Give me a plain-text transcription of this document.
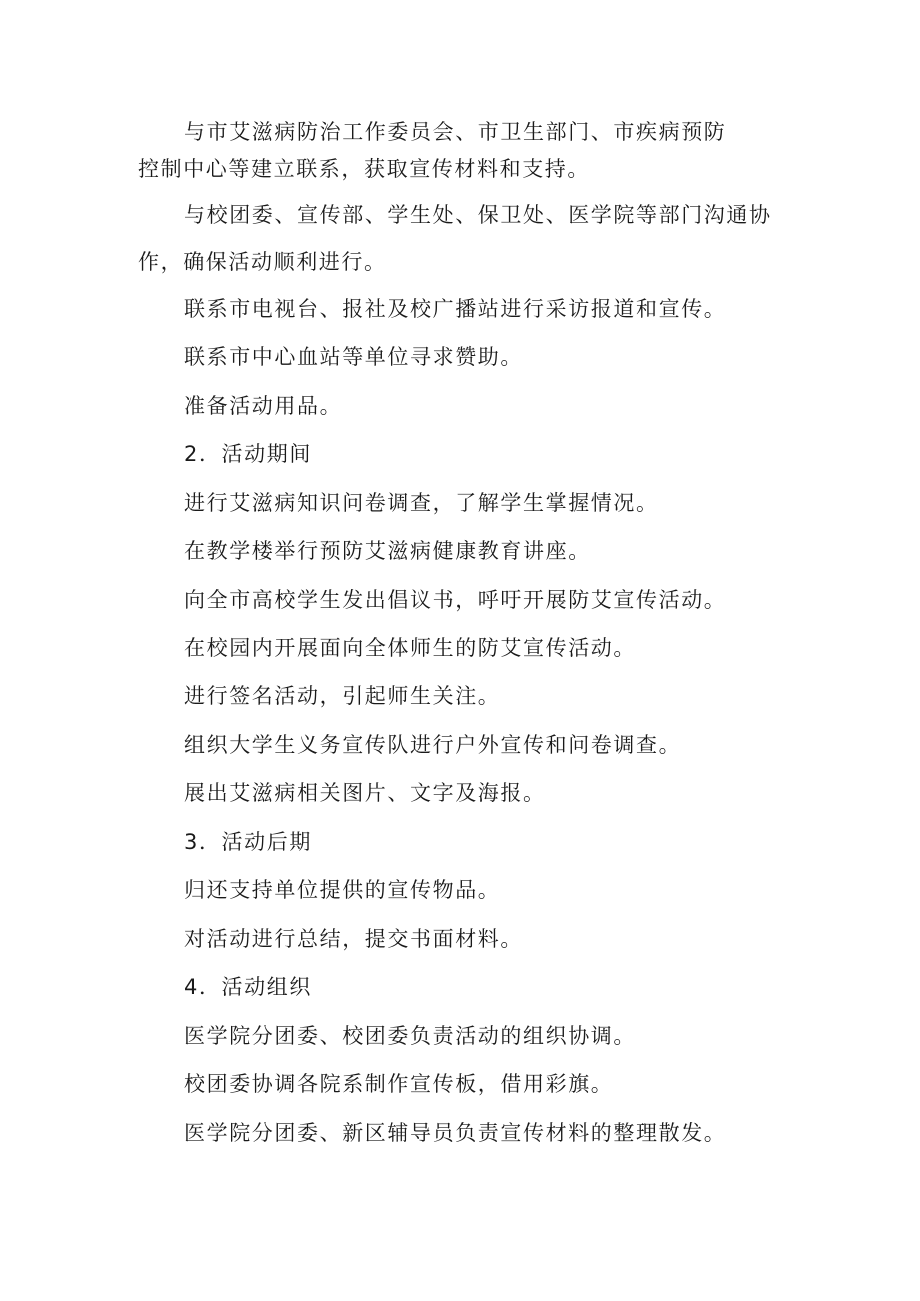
与市艾滋病防治工作委员会、市卫生部门、市疾病预防
控制中心等建立联系，获取宣传材料和支持。
与校团委、宣传部、学生处、保卫处、医学院等部门沟通协
作，确保活动顺利进行。
联系市电视台、报社及校广播站进行采访报道和宣传。
联系市中心血站等单位寻求赞助。
准备活动用品。
2．活动期间
进行艾滋病知识问卷调查，了解学生掌握情况。
在教学楼举行预防艾滋病健康教育讲座。
向全市高校学生发出倡议书，呼吁开展防艾宣传活动。
在校园内开展面向全体师生的防艾宣传活动。
进行签名活动，引起师生关注。
组织大学生义务宣传队进行户外宣传和问卷调查。
展出艾滋病相关图片、文字及海报。
3．活动后期
归还支持单位提供的宣传物品。
对活动进行总结，提交书面材料。
4．活动组织
医学院分团委、校团委负责活动的组织协调。
校团委协调各院系制作宣传板，借用彩旗。
医学院分团委、新区辅导员负责宣传材料的整理散发。
